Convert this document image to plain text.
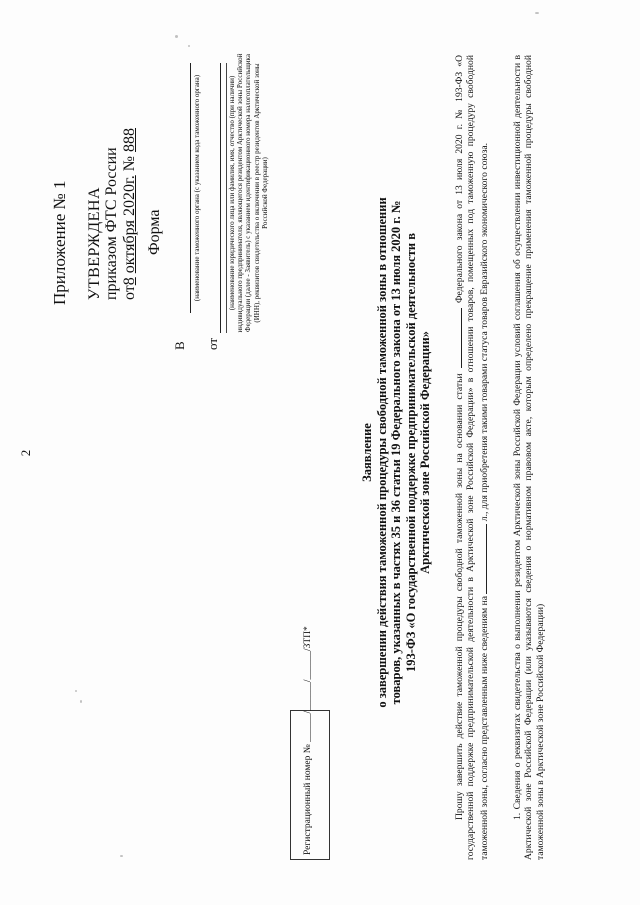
2
Приложение № 1 УТВЕРЖДЕНА приказом ФТС России от8 октября 2020г. № 888
Форма
В
(наименование таможенного органа (с указанием кода таможенного органа)
от
(наименование юридического лица или фамилия, имя, отчество (при наличии) индивидуального предпринимателя, являющегося резидентом Арктической зоны Российской Федерации (далее - Заявитель) с указанием идентификационного номера налогоплательщика (ИНН), реквизитов свидетельства о включении в реестр резидентов Арктической зоны Российской Федерации)
Регистрационный номер № ______/______/______/ЗТП*
Заявление о завершении действия таможенной процедуры свободной таможенной зоны в отношении товаров, указанных в частях 35 и 36 статьи 19 Федерального закона от 13 июля 2020 г. № 193-ФЗ «О государственной поддержке предпринимательской деятельности в Арктической зоне Российской Федерации» Прошу завершить действие таможенной процедуры свободной таможенной зоны на основании статьи  Федерального закона от 13 июля 2020 г. № 193-ФЗ «О государственной поддержке предпринимательской деятельности в Арктической зоне Российской Федерации» в отношении товаров, помещенных под таможенную процедуру свободной таможенной зоны, согласно представленным ниже сведениям на  л., для приобретения такими товарами статуса товаров Евразийского экономического союза. 1. Сведения о реквизитах свидетельства о выполнении резидентом Арктической зоны Российской Федерации условий соглашения об осуществлении инвестиционной деятельности в Арктической зоне Российской Федерации (или указываются сведения о нормативном правовом акте, которым определено прекращение применения таможенной процедуры свободной таможенной зоны в Арктической зоне Российской Федерации)
